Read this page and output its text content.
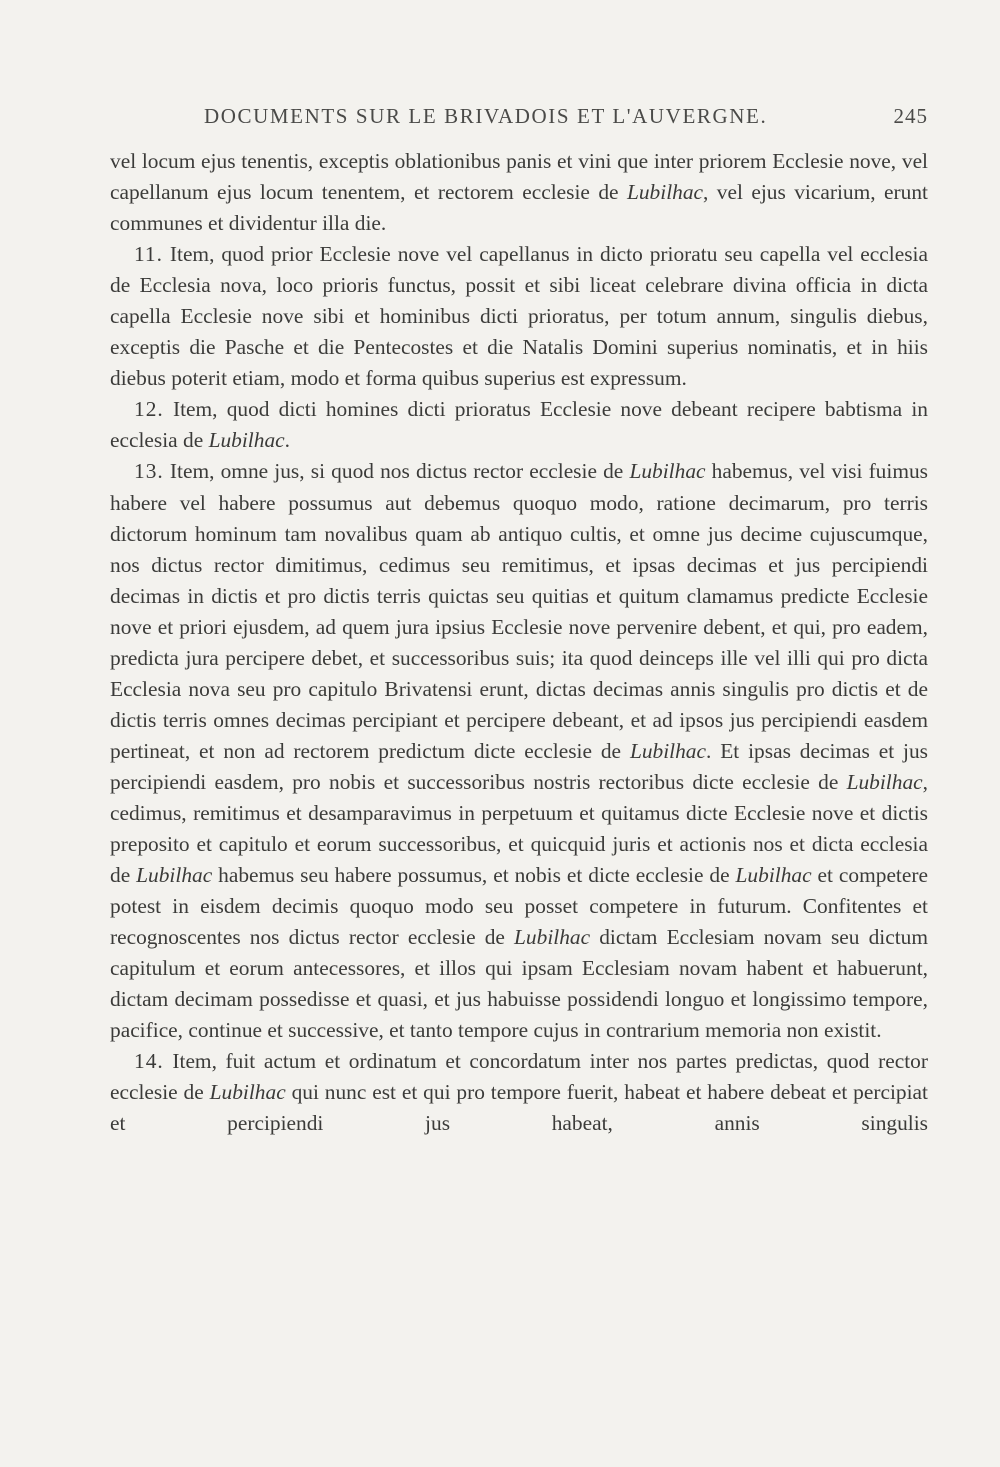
DOCUMENTS SUR LE BRIVADOIS ET L'AUVERGNE.	245

vel locum ejus tenentis, exceptis oblationibus panis et vini que inter priorem Ecclesie nove, vel capellanum ejus locum tenentem, et rectorem ecclesie de Lubilhac, vel ejus vicarium, erunt communes et dividentur illa die.

11. Item, quod prior Ecclesie nove vel capellanus in dicto prioratu seu capella vel ecclesia de Ecclesia nova, loco prioris functus, possit et sibi liceat celebrare divina officia in dicta capella Ecclesie nove sibi et hominibus dicti prioratus, per totum annum, singulis diebus, exceptis die Pasche et die Pentecostes et die Natalis Domini superius nominatis, et in hiis diebus poterit etiam, modo et forma quibus superius est expressum.

12. Item, quod dicti homines dicti prioratus Ecclesie nove debeant recipere babtisma in ecclesia de Lubilhac.

13. Item, omne jus, si quod nos dictus rector ecclesie de Lubilhac habemus, vel visi fuimus habere vel habere possumus aut debemus quoquo modo, ratione decimarum, pro terris dictorum hominum tam novalibus quam ab antiquo cultis, et omne jus decime cujuscumque, nos dictus rector dimitimus, cedimus seu remitimus, et ipsas decimas et jus percipiendi decimas in dictis et pro dictis terris quictas seu quitias et quitum clamamus predicte Ecclesie nove et priori ejusdem, ad quem jura ipsius Ecclesie nove pervenire debent, et qui, pro eadem, predicta jura percipere debet, et successoribus suis; ita quod deinceps ille vel illi qui pro dicta Ecclesia nova seu pro capitulo Brivatensi erunt, dictas decimas annis singulis pro dictis et de dictis terris omnes decimas percipiant et percipere debeant, et ad ipsos jus percipiendi easdem pertineat, et non ad rectorem predictum dicte ecclesie de Lubilhac. Et ipsas decimas et jus percipiendi easdem, pro nobis et successoribus nostris rectoribus dicte ecclesie de Lubilhac, cedimus, remitimus et desamparavimus in perpetuum et quitamus dicte Ecclesie nove et dictis preposito et capitulo et eorum successoribus, et quicquid juris et actionis nos et dicta ecclesia de Lubilhac habemus seu habere possumus, et nobis et dicte ecclesie de Lubilhac et competere potest in eisdem decimis quoquo modo seu posset competere in futurum. Confitentes et recognoscentes nos dictus rector ecclesie de Lubilhac dictam Ecclesiam novam seu dictum capitulum et eorum antecessores, et illos qui ipsam Ecclesiam novam habent et habuerunt, dictam decimam possedisse et quasi, et jus habuisse possidendi longuo et longissimo tempore, pacifice, continue et successive, et tanto tempore cujus in contrarium memoria non existit.

14. Item, fuit actum et ordinatum et concordatum inter nos partes predictas, quod rector ecclesie de Lubilhac qui nunc est et qui pro tempore fuerit, habeat et habere debeat et percipiat et percipiendi jus habeat, annis singulis
